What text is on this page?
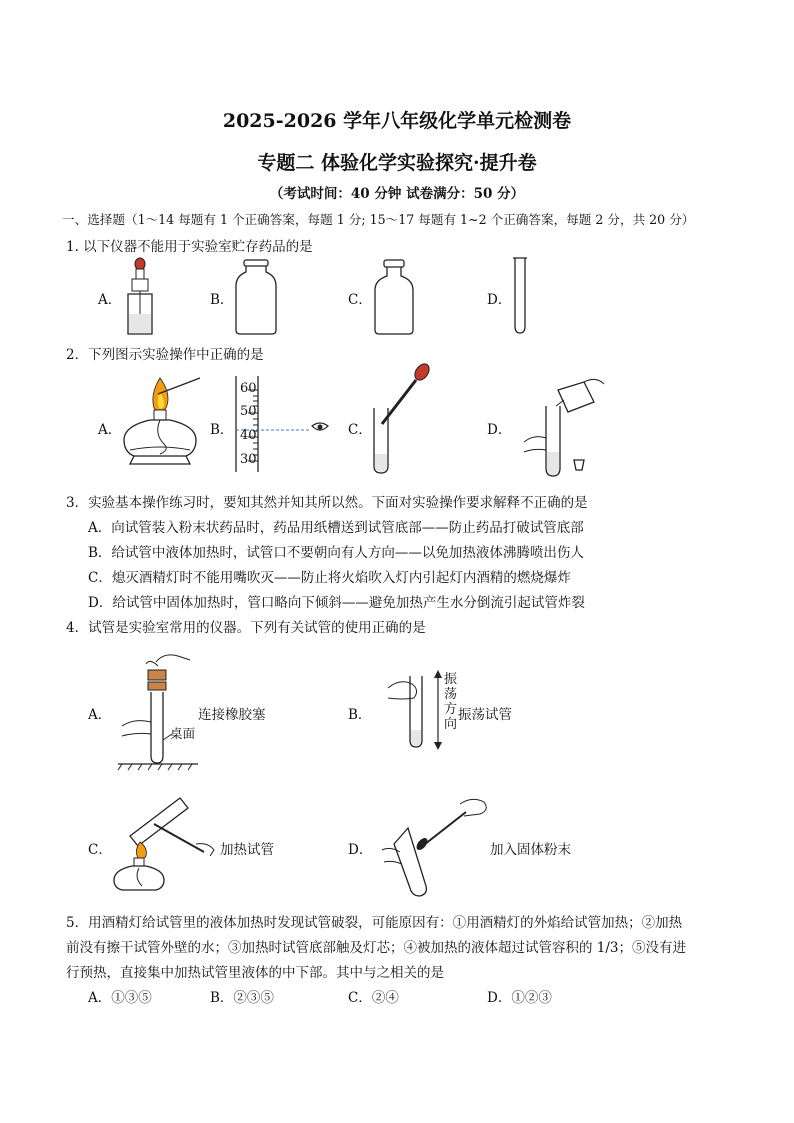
2025-2026 学年八年级化学单元检测卷
专题二 体验化学实验探究·提升卷
（考试时间：40 分钟 试卷满分：50 分）
一、选择题（1～14 每题有 1 个正确答案，每题 1 分; 15～17 每题有 1~2 个正确答案，每题 2 分，共 20 分）
1. 以下仪器不能用于实验室贮存药品的是
A．	B．	C．	D．
2．下列图示实验操作中正确的是
A．	B．	C．	D．
60
50
40
30
3．实验基本操作练习时，要知其然并知其所以然。下面对实验操作要求解释不正确的是
A．向试管装入粉末状药品时，药品用纸槽送到试管底部——防止药品打破试管底部
B．给试管中液体加热时，试管口不要朝向有人方向——以免加热液体沸腾喷出伤人
C．熄灭酒精灯时不能用嘴吹灭——防止将火焰吹入灯内引起灯内酒精的燃烧爆炸
D．给试管中固体加热时，管口略向下倾斜——避免加热产生水分倒流引起试管炸裂
4．试管是实验室常用的仪器。下列有关试管的使用正确的是
A．	连接橡胶塞
桌面
B．	振荡试管
振
荡
方
向
C．	加热试管	D．	加入固体粉末
5．用酒精灯给试管里的液体加热时发现试管破裂，可能原因有：①用酒精灯的外焰给试管加热；②加热
前没有擦干试管外壁的水；③加热时试管底部触及灯芯；④被加热的液体超过试管容积的 1/3；⑤没有进
行预热，直接集中加热试管里液体的中下部。其中与之相关的是
A．①③⑤	B．②③⑤	C．②④	D．①②③
